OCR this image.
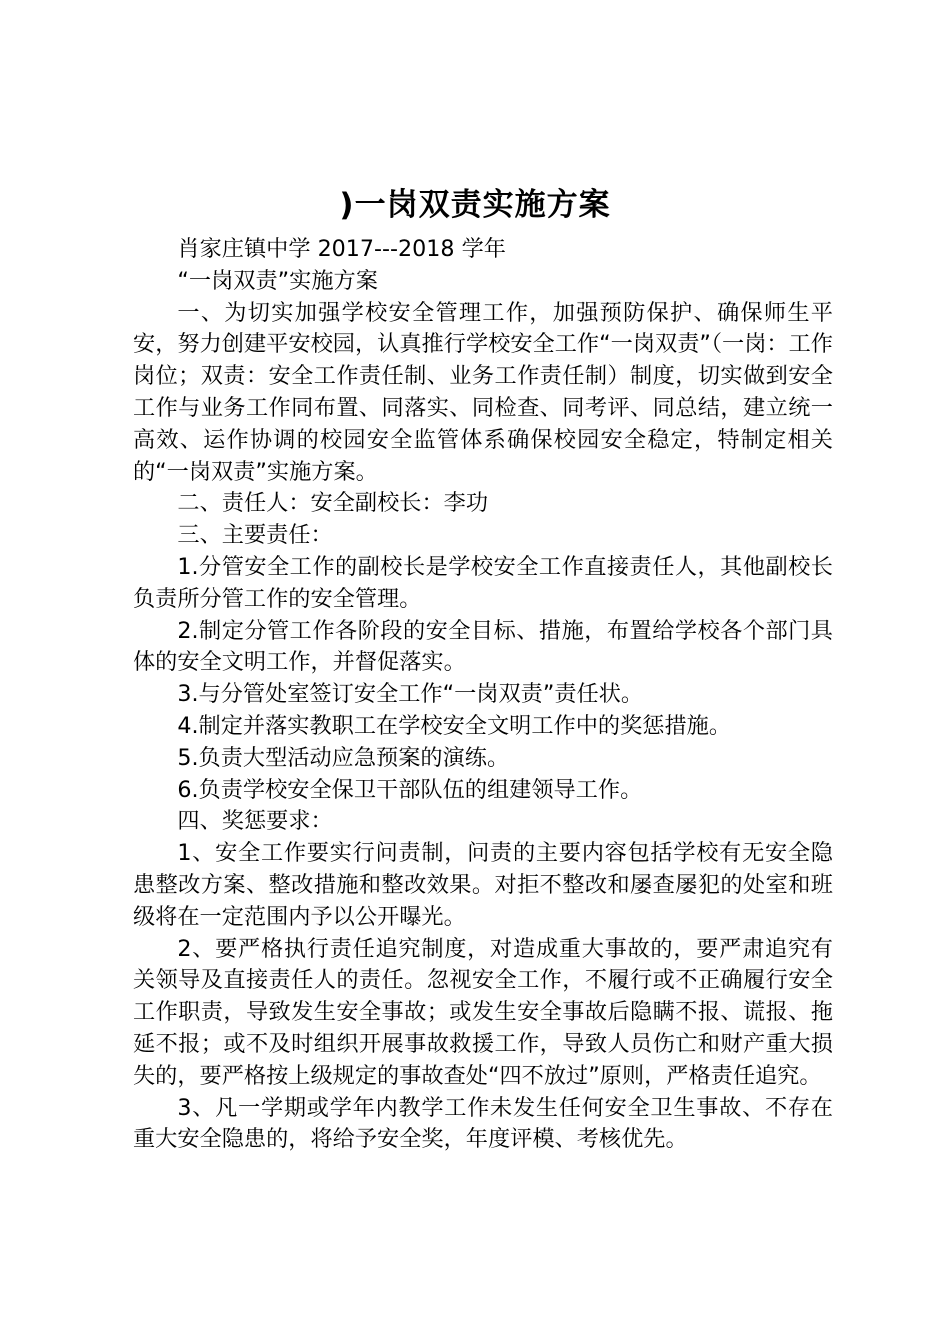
)一岗双责实施方案

肖家庄镇中学 2017---2018 学年

“一岗双责”实施方案

一、为切实加强学校安全管理工作，加强预防保护、确保师生平安，努力创建平安校园，认真推行学校安全工作“一岗双责”（一岗：工作岗位；双责：安全工作责任制、业务工作责任制）制度，切实做到安全工作与业务工作同布置、同落实、同检查、同考评、同总结，建立统一高效、运作协调的校园安全监管体系确保校园安全稳定，特制定相关的“一岗双责”实施方案。

二、责任人：安全副校长：李功

三、主要责任：

1.分管安全工作的副校长是学校安全工作直接责任人，其他副校长负责所分管工作的安全管理。

2.制定分管工作各阶段的安全目标、措施，布置给学校各个部门具体的安全文明工作，并督促落实。

3.与分管处室签订安全工作“一岗双责”责任状。

4.制定并落实教职工在学校安全文明工作中的奖惩措施。

5.负责大型活动应急预案的演练。

6.负责学校安全保卫干部队伍的组建领导工作。

四、奖惩要求：

1、安全工作要实行问责制，问责的主要内容包括学校有无安全隐患整改方案、整改措施和整改效果。对拒不整改和屡查屡犯的处室和班级将在一定范围内予以公开曝光。

2、要严格执行责任追究制度，对造成重大事故的，要严肃追究有关领导及直接责任人的责任。忽视安全工作，不履行或不正确履行安全工作职责，导致发生安全事故；或发生安全事故后隐瞒不报、谎报、拖延不报；或不及时组织开展事故救援工作，导致人员伤亡和财产重大损失的，要严格按上级规定的事故查处“四不放过”原则，严格责任追究。

3、凡一学期或学年内教学工作未发生任何安全卫生事故、不存在重大安全隐患的，将给予安全奖，年度评模、考核优先。
